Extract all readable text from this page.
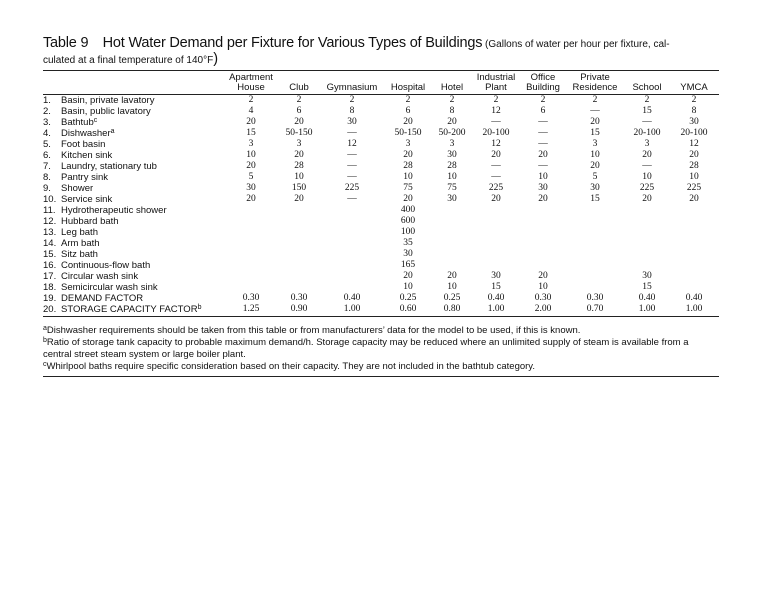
Table 9 Hot Water Demand per Fixture for Various Types of Buildings (Gallons of water per hour per fixture, cal-
culated at a final temperature of 140°F)
	Apartment House	Club	Gymnasium	Hospital	Hotel	Industrial Plant	Office Building	Private Residence	School	YMCA
1. Basin, private lavatory	2	2	2	2	2	2	2	2	2	2
2. Basin, public lavatory	4	6	8	6	8	12	6	—	15	8
3. Bathtub$^c$	20	20	30	20	20	—	—	20	—	30
4. Dishwasher$^a$	15	50-150	—	50-150	50-200	20-100	—	15	20-100	20-100
5. Foot basin	3	3	12	3	3	12	—	3	3	12
6. Kitchen sink	10	20	—	20	30	20	20	10	20	20
7. Laundry, stationary tub	20	28	—	28	28	—	—	20	—	28
8. Pantry sink	5	10	—	10	10	—	10	5	10	10
9. Shower	30	150	225	75	75	225	30	30	225	225
10. Service sink	20	20	—	20	30	20	20	15	20	20
11. Hydrotherapeutic shower				400						
12. Hubbard bath				600						
13. Leg bath				100						
14. Arm bath				35						
15. Sitz bath				30						
16. Continuous-flow bath				165						
17. Circular wash sink				20	20	30	20		30	
18. Semicircular wash sink				10	10	15	10		15	
19. DEMAND FACTOR	0.30	0.30	0.40	0.25	0.25	0.40	0.30	0.30	0.40	0.40
20. STORAGE CAPACITY FACTOR$^b$	1.25	0.90	1.00	0.60	0.80	1.00	2.00	0.70	1.00	1.00

$^a$Dishwasher requirements should be taken from this table or from manufacturers’ data for the model to be used, if this is known.

$^b$Ratio of storage tank capacity to probable maximum demand/h. Storage capacity may be reduced where an unlimited supply of steam is available from a central street steam system or large boiler plant.

$^c$Whirlpool baths require specific consideration based on their capacity. They are not included in the bathtub category.
